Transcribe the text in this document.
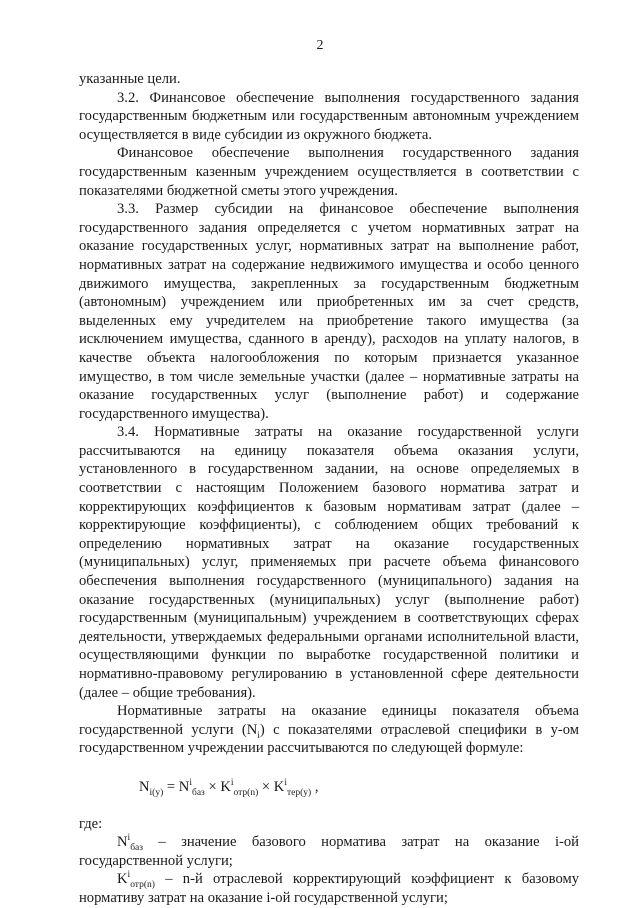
2

указанные цели.

3.2. Финансовое обеспечение выполнения государственного задания государственным бюджетным или государственным автономным учреждением осуществляется в виде субсидии из окружного бюджета.

Финансовое обеспечение выполнения государственного задания государственным казенным учреждением осуществляется в соответствии с показателями бюджетной сметы этого учреждения.

3.3. Размер субсидии на финансовое обеспечение выполнения государственного задания определяется с учетом нормативных затрат на оказание государственных услуг, нормативных затрат на выполнение работ, нормативных затрат на содержание недвижимого имущества и особо ценного движимого имущества, закрепленных за государственным бюджетным (автономным) учреждением или приобретенных им за счет средств, выделенных ему учредителем на приобретение такого имущества (за исключением имущества, сданного в аренду), расходов на уплату налогов, в качестве объекта налогообложения по которым признается указанное имущество, в том числе земельные участки (далее – нормативные затраты на оказание государственных услуг (выполнение работ) и содержание государственного имущества).

3.4. Нормативные затраты на оказание государственной услуги рассчитываются на единицу показателя объема оказания услуги, установленного в государственном задании, на основе определяемых в соответствии с настоящим Положением базового норматива затрат и корректирующих коэффициентов к базовым нормативам затрат (далее – корректирующие коэффициенты), с соблюдением общих требований к определению нормативных затрат на оказание государственных (муниципальных) услуг, применяемых при расчете объема финансового обеспечения выполнения государственного (муниципального) задания на оказание государственных (муниципальных) услуг (выполнение работ) государственным (муниципальным) учреждением в соответствующих сферах деятельности, утверждаемых федеральными органами исполнительной власти, осуществляющими функции по выработке государственной политики и нормативно-правовому регулированию в установленной сфере деятельности (далее – общие требования).

Нормативные затраты на оказание единицы показателя объема государственной услуги $(N_i)$ с показателями отраслевой специфики в y-ом государственном учреждении рассчитываются по следующей формуле:

$N_{i(y)} = N^i_{баз} \times K^i_{отр(n)} \times K^i_{тер(y)}$ ,

где:

$N^i_{баз}$ – значение базового норматива затрат на оказание i-ой государственной услуги;

$K^i_{отр(n)} - n-й$ отраслевой корректирующий коэффициент к базовому нормативу затрат на оказание i-ой государственной услуги;
